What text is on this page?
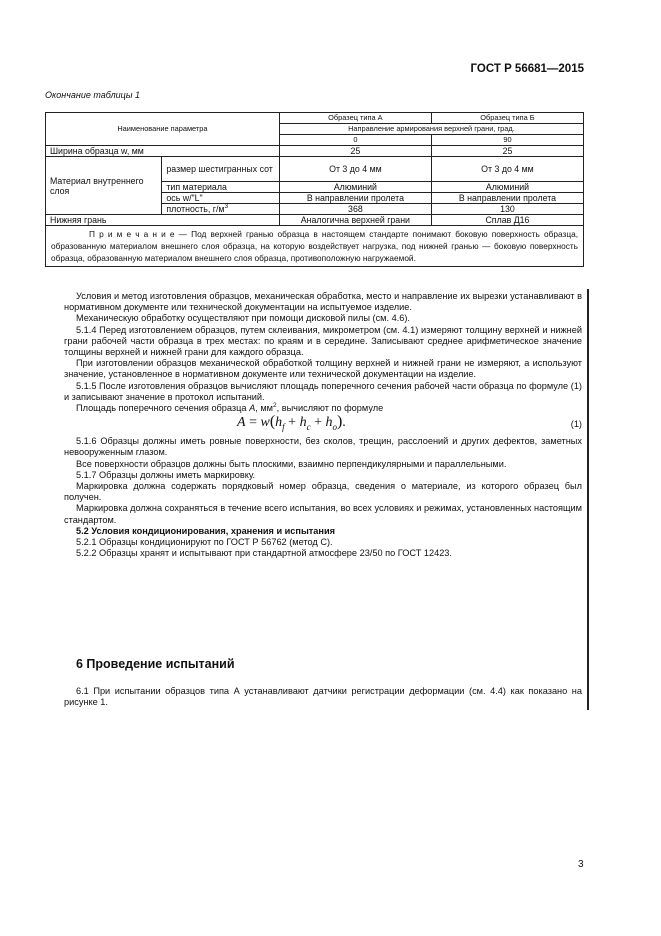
ГОСТ Р 56681—2015
Окончание таблицы 1
Наименование параметра		Образец типа А	Образец типа Б
		Направление армирования верхней грани, град.	
		0	90
Ширина образца w, мм		25	25
Материал внутреннего слоя	размер шестигранных сот	От 3 до 4 мм	От 3 до 4 мм
	тип материала	Алюминий	Алюминий
	ось w/"L"	В направлении пролета	В направлении пролета
	плотность, $г/м^3$	368	130
Нижняя грань		Аналогична верхней грани	Сплав Д16
П р и м е ч а н и е — Под верхней гранью образца в настоящем стандарте понимают боковую поверхность образца, образованную материалом внешнего слоя образца, на которую воздействует нагрузка, под нижней гранью — боковую поверхность образца, образованную материалом внешнего слоя образца, противоположную нагружаемой.			

Условия и метод изготовления образцов, механическая обработка, место и направление их вырезки устанавливают в нормативном документе или технической документации на испытуемое изделие.

Механическую обработку осуществляют при помощи дисковой пилы (см. 4.6).

5.1.4 Перед изготовлением образцов, путем склеивания, микрометром (см. 4.1) измеряют толщину верхней и нижней грани рабочей части образца в трех местах: по краям и в середине. Записывают среднее арифметическое значение толщины верхней и нижней грани для каждого образца.

При изготовлении образцов механической обработкой толщину верхней и нижней грани не измеряют, а используют значение, установленное в нормативном документе или технической документации на изделие.

5.1.5 После изготовления образцов вычисляют площадь поперечного сечения рабочей части образца по формуле (1) и записывают значение в протокол испытаний.

Площадь поперечного сечения образца A, $мм^2$, вычисляют по формуле

$A = w(h_f + h_c + h_o)$.	(1)

5.1.6 Образцы должны иметь ровные поверхности, без сколов, трещин, расслоений и других дефектов, заметных невооруженным глазом.

Все поверхности образцов должны быть плоскими, взаимно перпендикулярными и параллельными.

5.1.7 Образцы должны иметь маркировку.

Маркировка должна содержать порядковый номер образца, сведения о материале, из которого образец был получен.

Маркировка должна сохраняться в течение всего испытания, во всех условиях и режимах, установленных настоящим стандартом.

5.2 Условия кондиционирования, хранения и испытания

5.2.1 Образцы кондиционируют по ГОСТ Р 56762 (метод С).

5.2.2 Образцы хранят и испытывают при стандартной атмосфере 23/50 по ГОСТ 12423.

6 Проведение испытаний

6.1 При испытании образцов типа А устанавливают датчики регистрации деформации (см. 4.4) как показано на рисунке 1.

3
